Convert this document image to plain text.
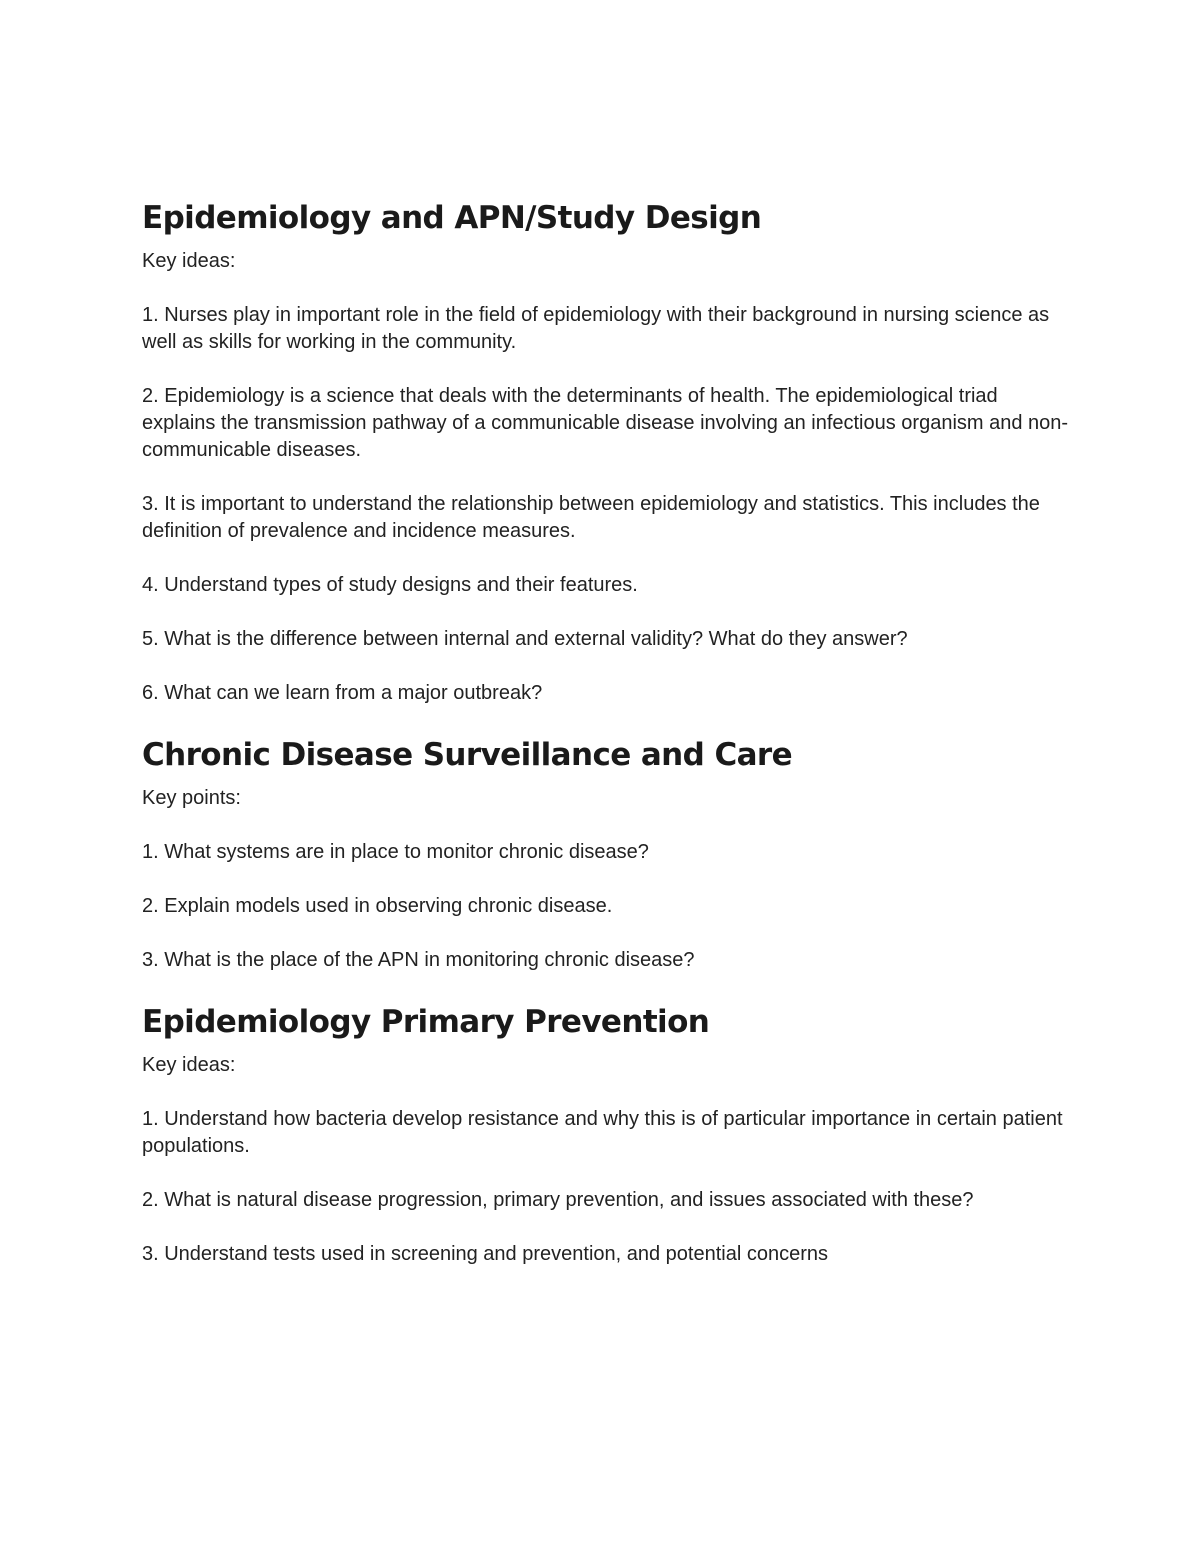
Epidemiology and APN/Study Design

Key ideas:

1. Nurses play in important role in the field of epidemiology with their background in nursing science as well as skills for working in the community.

2. Epidemiology is a science that deals with the determinants of health. The epidemiological triad explains the transmission pathway of a communicable disease involving an infectious organism and non-communicable diseases.

3. It is important to understand the relationship between epidemiology and statistics. This includes the definition of prevalence and incidence measures.

4. Understand types of study designs and their features.

5. What is the difference between internal and external validity? What do they answer?

6. What can we learn from a major outbreak?

Chronic Disease Surveillance and Care

Key points:

1. What systems are in place to monitor chronic disease?

2. Explain models used in observing chronic disease.

3. What is the place of the APN in monitoring chronic disease?

Epidemiology Primary Prevention

Key ideas:

1. Understand how bacteria develop resistance and why this is of particular importance in certain patient populations.

2. What is natural disease progression, primary prevention, and issues associated with these?

3. Understand tests used in screening and prevention, and potential concerns
